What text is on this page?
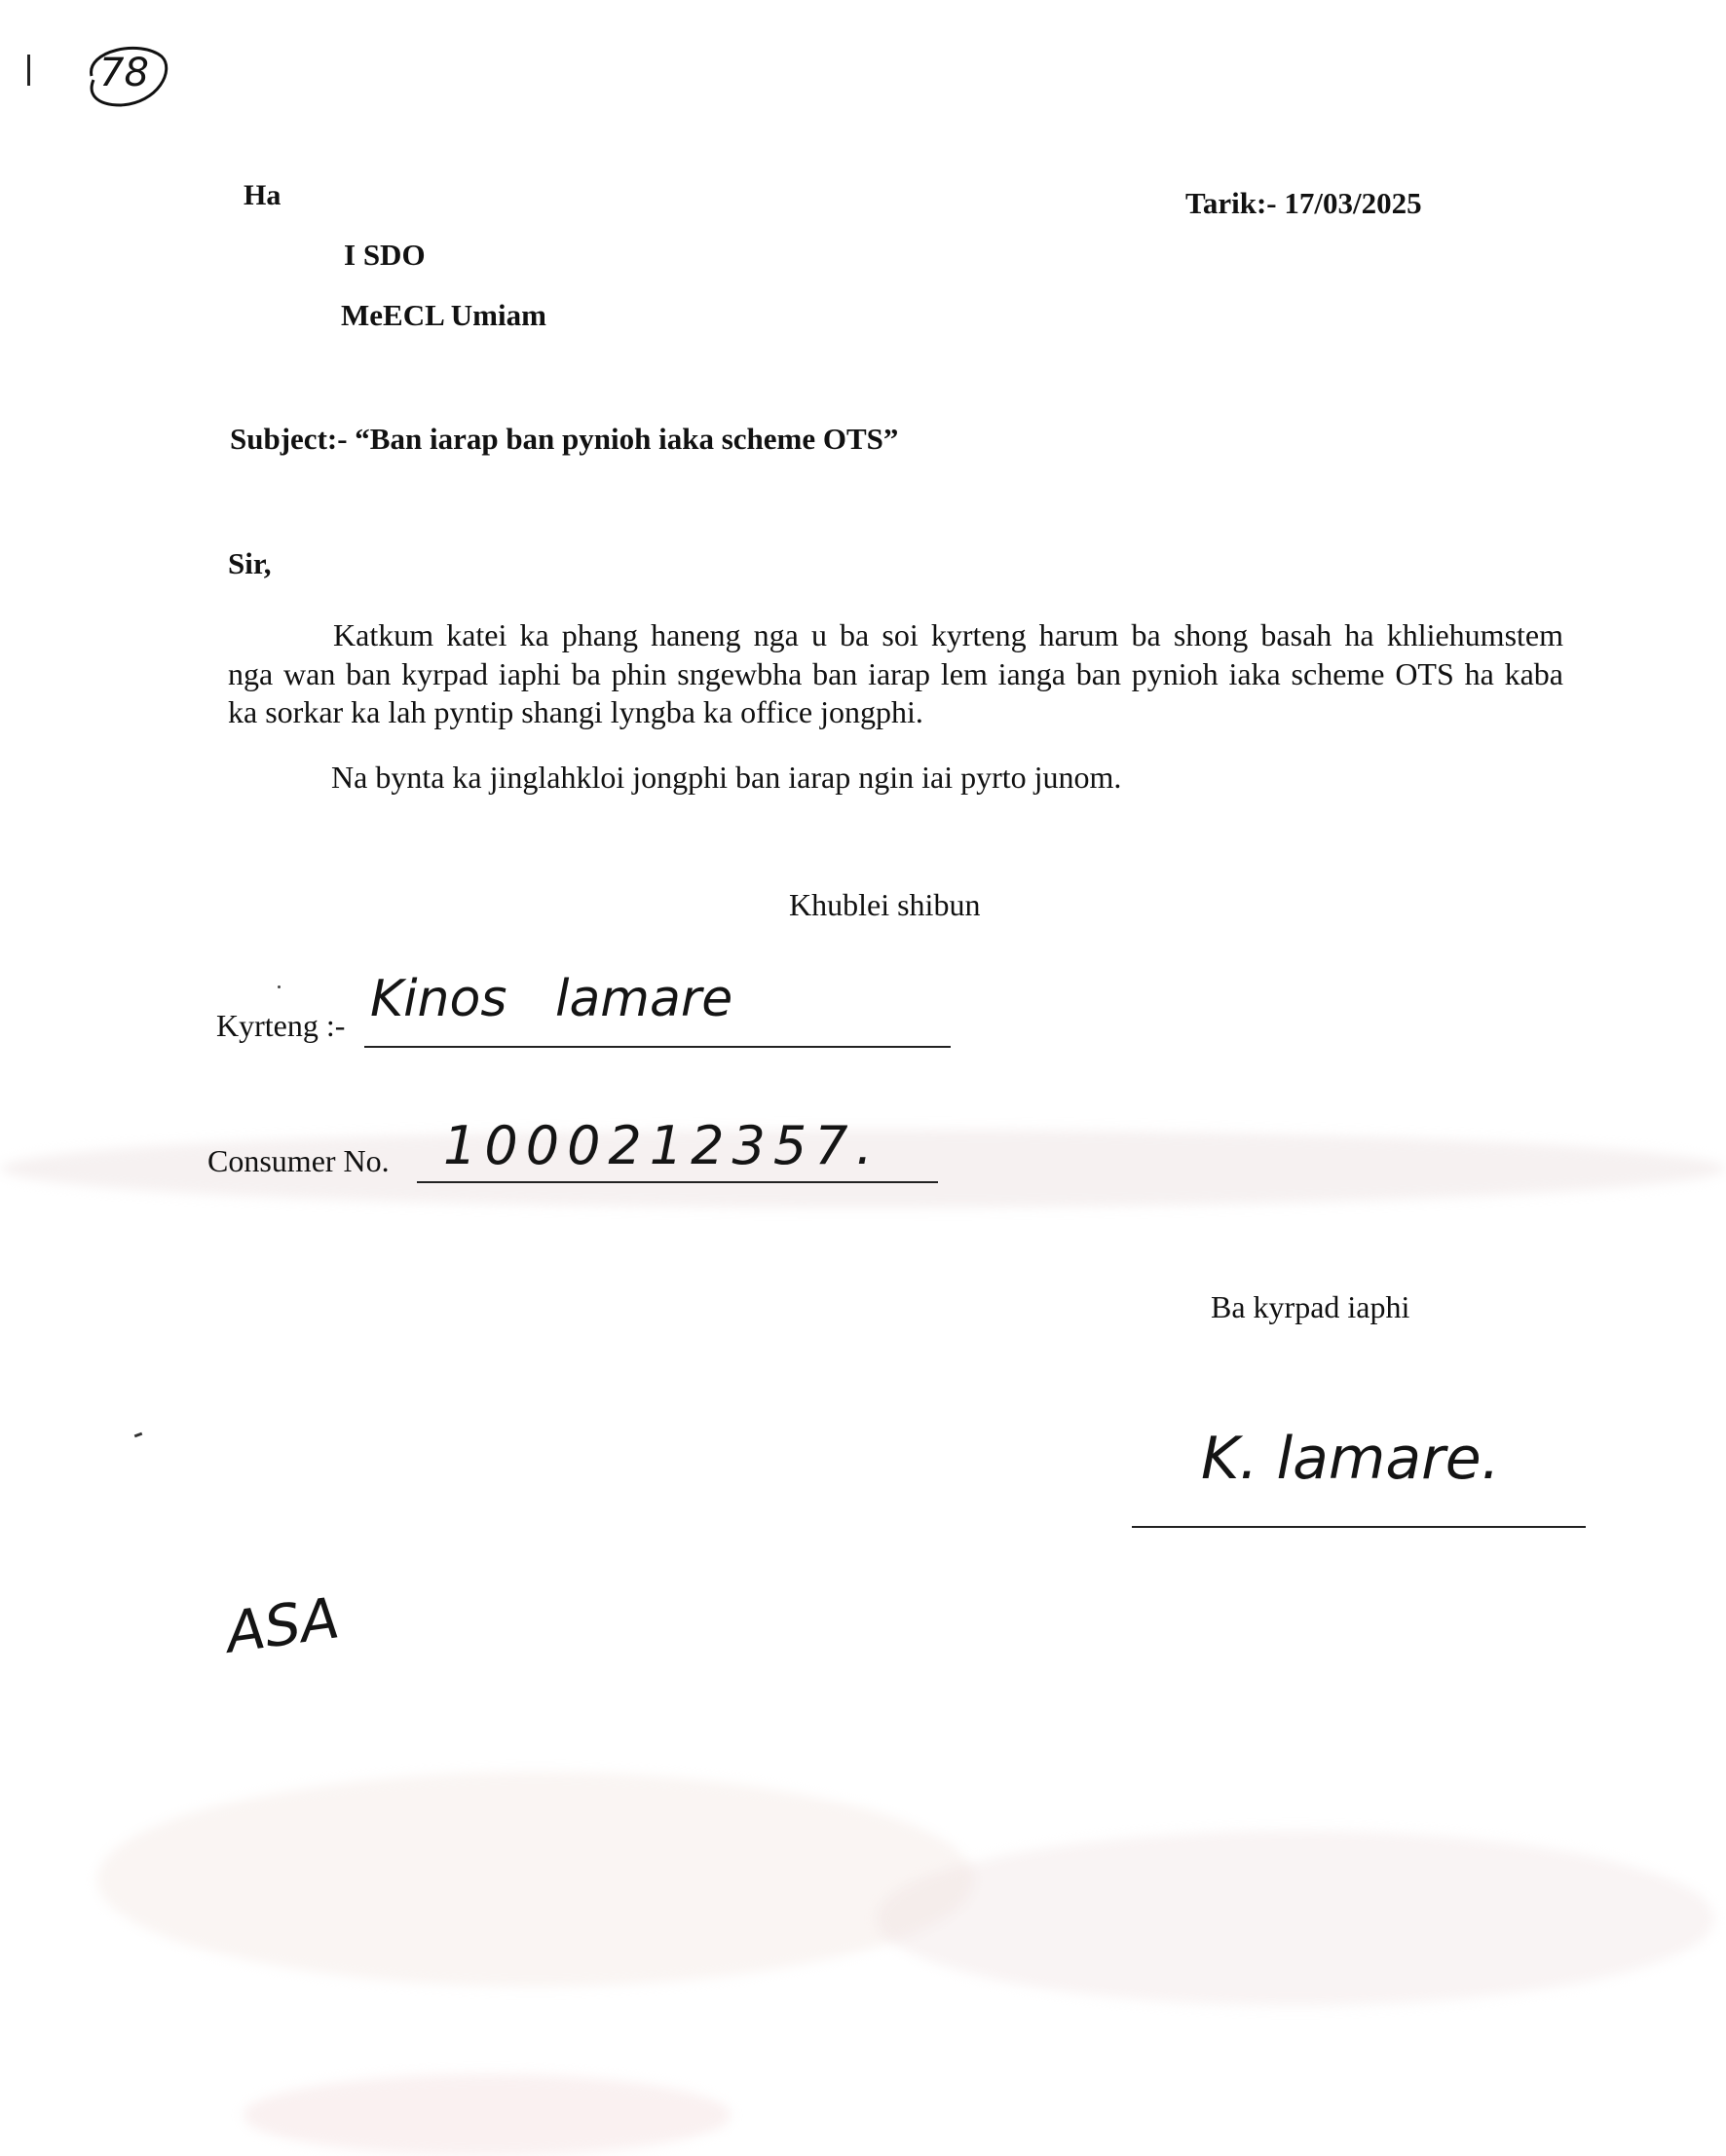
78
Ha	Tarik:- 17/03/2025
I SDO
MeECL Umiam
Subject:- “Ban iarap ban pynioh iaka scheme OTS”
Sir,
Katkum katei ka phang haneng nga u ba soi kyrteng harum ba shong basah ha khliehumstem
nga wan ban kyrpad iaphi ba phin sngewbha ban iarap lem ianga ban pynioh iaka scheme OTS ha kaba
ka sorkar ka lah pyntip shangi lyngba ka office jongphi.
Na bynta ka jinglahkloi jongphi ban iarap ngin iai pyrto junom.
Khublei shibun
Kyrteng :- Kinos   lamare
Consumer No. 1000212357.
Ba kyrpad iaphi
K. lamare.
ASA
